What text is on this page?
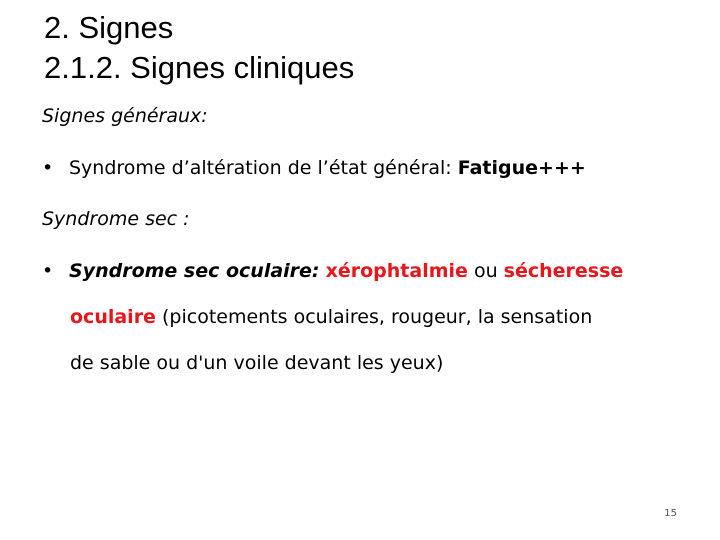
2. Signes
2.1.2. Signes cliniques
Signes généraux:
• Syndrome d’altération de l’état général: Fatigue+++
Syndrome sec :
• Syndrome sec oculaire: xérophtalmie ou sécheresse
oculaire (picotements oculaires, rougeur, la sensation
de sable ou d'un voile devant les yeux)
15
